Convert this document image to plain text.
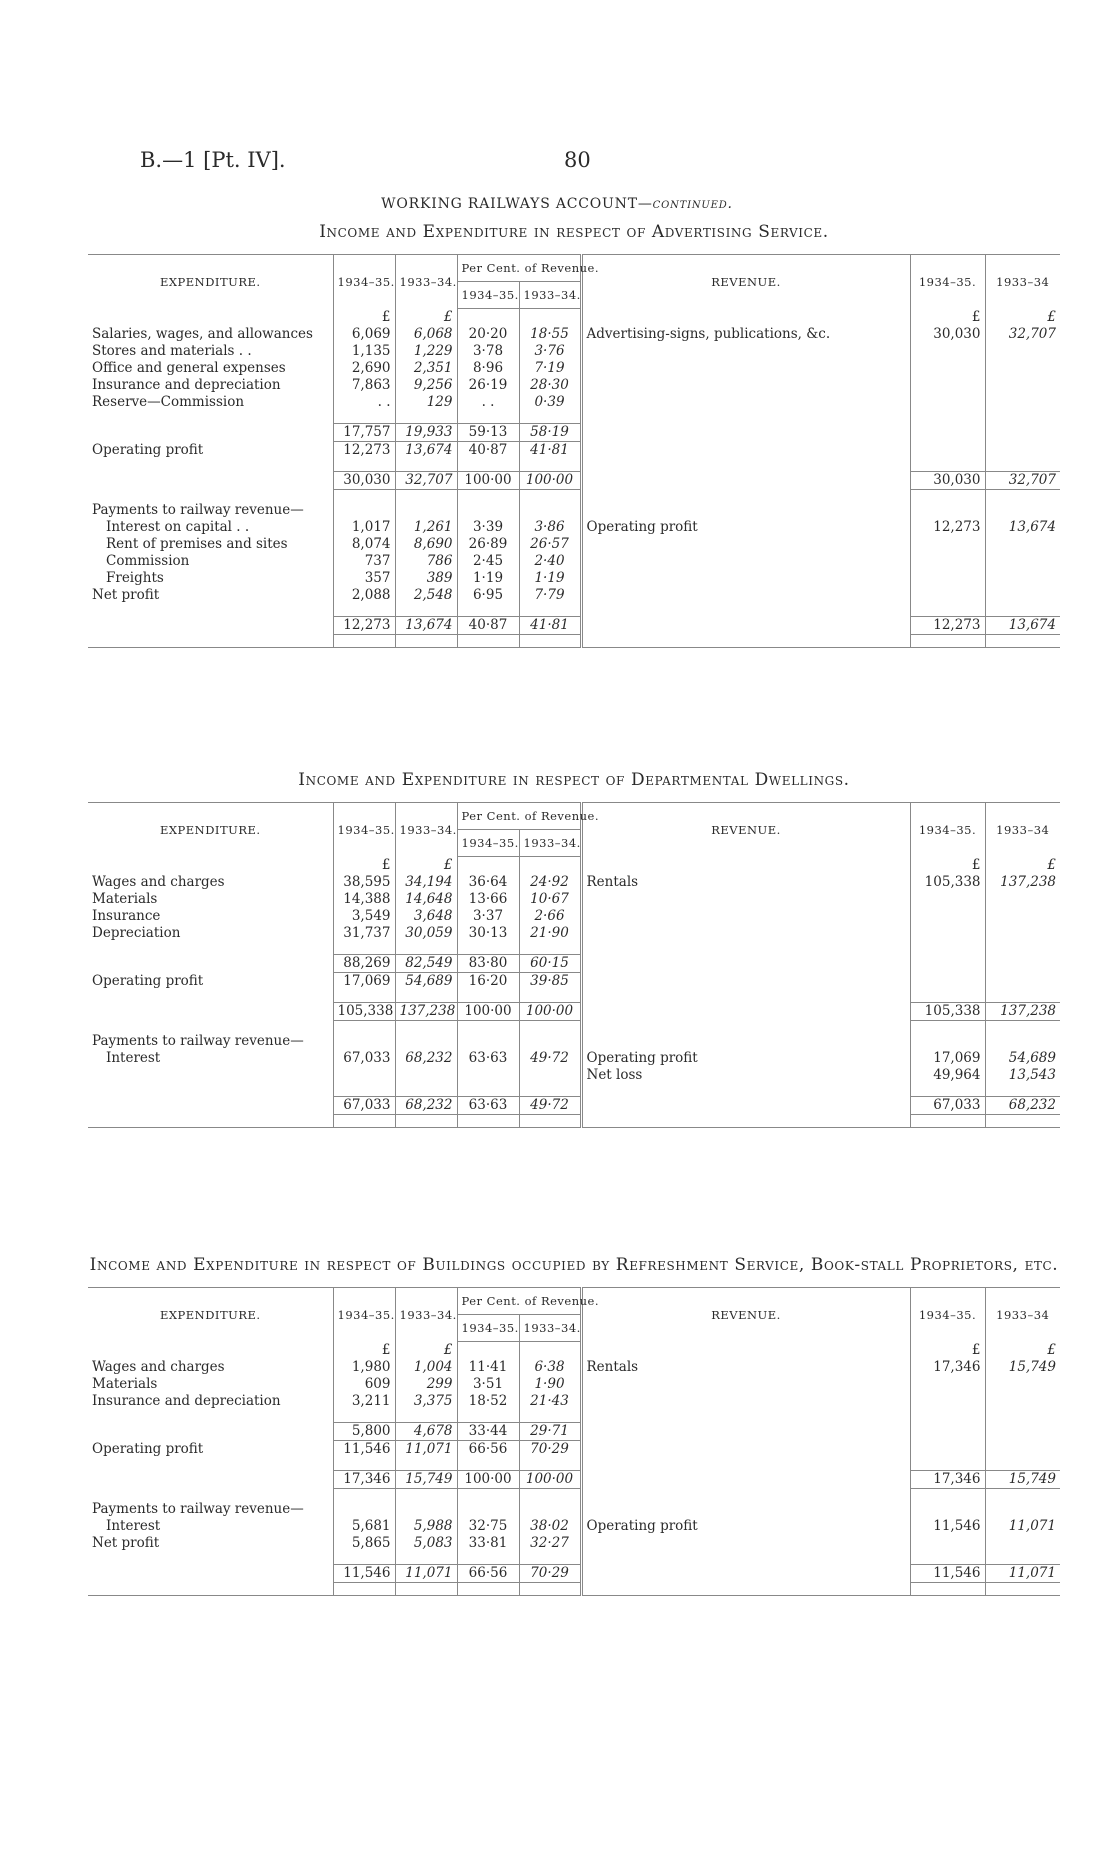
B.—1 [Pt. IV].	80
WORKING RAILWAYS ACCOUNT—continued.
Income and Expenditure in respect of Advertising Service.
EXPENDITURE.	1934–35.	1933–34.	Per Cent. of Revenue.		REVENUE.	1934–35.	1933–34
			1934–35.	1933–34.			
	£	£				£	£
Salaries, wages, and allowances	6,069	6,068	20·20	18·55	Advertising-signs, publications, &c.	30,030	32,707
Stores and materials . .	1,135	1,229	3·78	3·76			
Office and general expenses	2,690	2,351	8·96	7·19			
Insurance and depreciation	7,863	9,256	26·19	28·30			
Reserve—Commission	. .	129	. .	0·39			

	17,757	19,933	59·13	58·19			
Operating profit	12,273	13,674	40·87	41·81			

	30,030	32,707	100·00	100·00		30,030	32,707

Payments to railway revenue—							
Interest on capital . .	1,017	1,261	3·39	3·86	Operating profit	12,273	13,674
Rent of premises and sites	8,074	8,690	26·89	26·57			
Commission	737	786	2·45	2·40			
Freights	357	389	1·19	1·19			
Net profit	2,088	2,548	6·95	7·79			

	12,273	13,674	40·87	41·81		12,273	13,674

Income and Expenditure in respect of Departmental Dwellings.
EXPENDITURE.	1934–35.	1933–34.	Per Cent. of Revenue.		REVENUE.	1934–35.	1933–34
			1934–35.	1933–34.			
	£	£				£	£
Wages and charges	38,595	34,194	36·64	24·92	Rentals	105,338	137,238
Materials	14,388	14,648	13·66	10·67			
Insurance	3,549	3,648	3·37	2·66			
Depreciation	31,737	30,059	30·13	21·90			

	88,269	82,549	83·80	60·15			
Operating profit	17,069	54,689	16·20	39·85			

	105,338	137,238	100·00	100·00		105,338	137,238

Payments to railway revenue—							
Interest	67,033	68,232	63·63	49·72	Operating profit	17,069	54,689
					Net loss	49,964	13,543

	67,033	68,232	63·63	49·72		67,033	68,232

Income and Expenditure in respect of Buildings occupied by Refreshment Service, Book-stall Proprietors, etc.
EXPENDITURE.	1934–35.	1933–34.	Per Cent. of Revenue.		REVENUE.	1934–35.	1933–34
			1934–35.	1933–34.			
	£	£				£	£
Wages and charges	1,980	1,004	11·41	6·38	Rentals	17,346	15,749
Materials	609	299	3·51	1·90			
Insurance and depreciation	3,211	3,375	18·52	21·43			

	5,800	4,678	33·44	29·71			
Operating profit	11,546	11,071	66·56	70·29			

	17,346	15,749	100·00	100·00		17,346	15,749

Payments to railway revenue—							
Interest	5,681	5,988	32·75	38·02	Operating profit	11,546	11,071
Net profit	5,865	5,083	33·81	32·27			

	11,546	11,071	66·56	70·29		11,546	11,071
